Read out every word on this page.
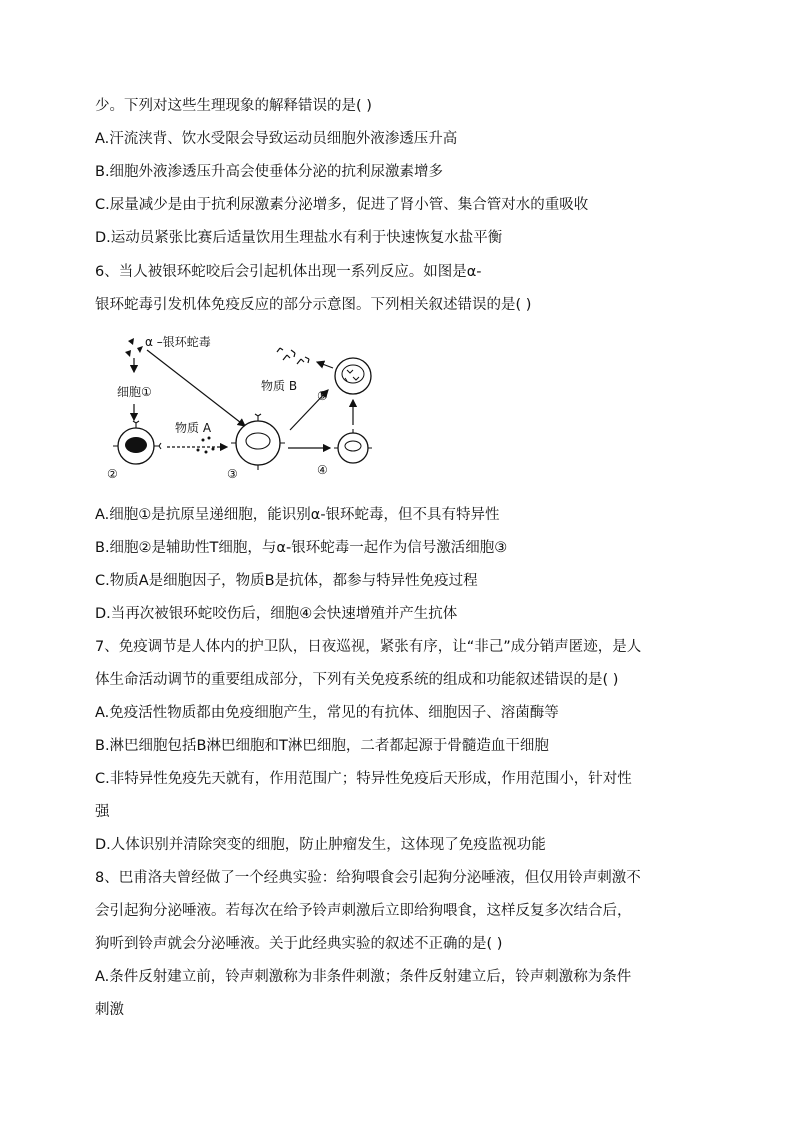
少。下列对这些生理现象的解释错误的是( )
A.汗流浃背、饮水受限会导致运动员细胞外液渗透压升高
B.细胞外液渗透压升高会使垂体分泌的抗利尿激素增多
C.尿量减少是由于抗利尿激素分泌增多，促进了肾小管、集合管对水的重吸收
D.运动员紧张比赛后适量饮用生理盐水有利于快速恢复水盐平衡
6、当人被银环蛇咬后会引起机体出现一系列反应。如图是α-
银环蛇毒引发机体免疫反应的部分示意图。下列相关叙述错误的是( )
α –银环蛇毒
细胞①
②
物质 A
③	④
⑤
物质 B
A.细胞①是抗原呈递细胞，能识别α-银环蛇毒，但不具有特异性
B.细胞②是辅助性T细胞，与α-银环蛇毒一起作为信号激活细胞③
C.物质A是细胞因子，物质B是抗体，都参与特异性免疫过程
D.当再次被银环蛇咬伤后，细胞④会快速增殖并产生抗体
7、免疫调节是人体内的护卫队，日夜巡视，紧张有序，让“非己”成分销声匿迹，是人
体生命活动调节的重要组成部分，下列有关免疫系统的组成和功能叙述错误的是( )
A.免疫活性物质都由免疫细胞产生，常见的有抗体、细胞因子、溶菌酶等
B.淋巴细胞包括B淋巴细胞和T淋巴细胞，二者都起源于骨髓造血干细胞
C.非特异性免疫先天就有，作用范围广；特异性免疫后天形成，作用范围小，针对性
强
D.人体识别并清除突变的细胞，防止肿瘤发生，这体现了免疫监视功能
8、巴甫洛夫曾经做了一个经典实验：给狗喂食会引起狗分泌唾液，但仅用铃声刺激不
会引起狗分泌唾液。若每次在给予铃声刺激后立即给狗喂食，这样反复多次结合后，
狗听到铃声就会分泌唾液。关于此经典实验的叙述不正确的是( )
A.条件反射建立前，铃声刺激称为非条件刺激；条件反射建立后，铃声刺激称为条件
刺激
